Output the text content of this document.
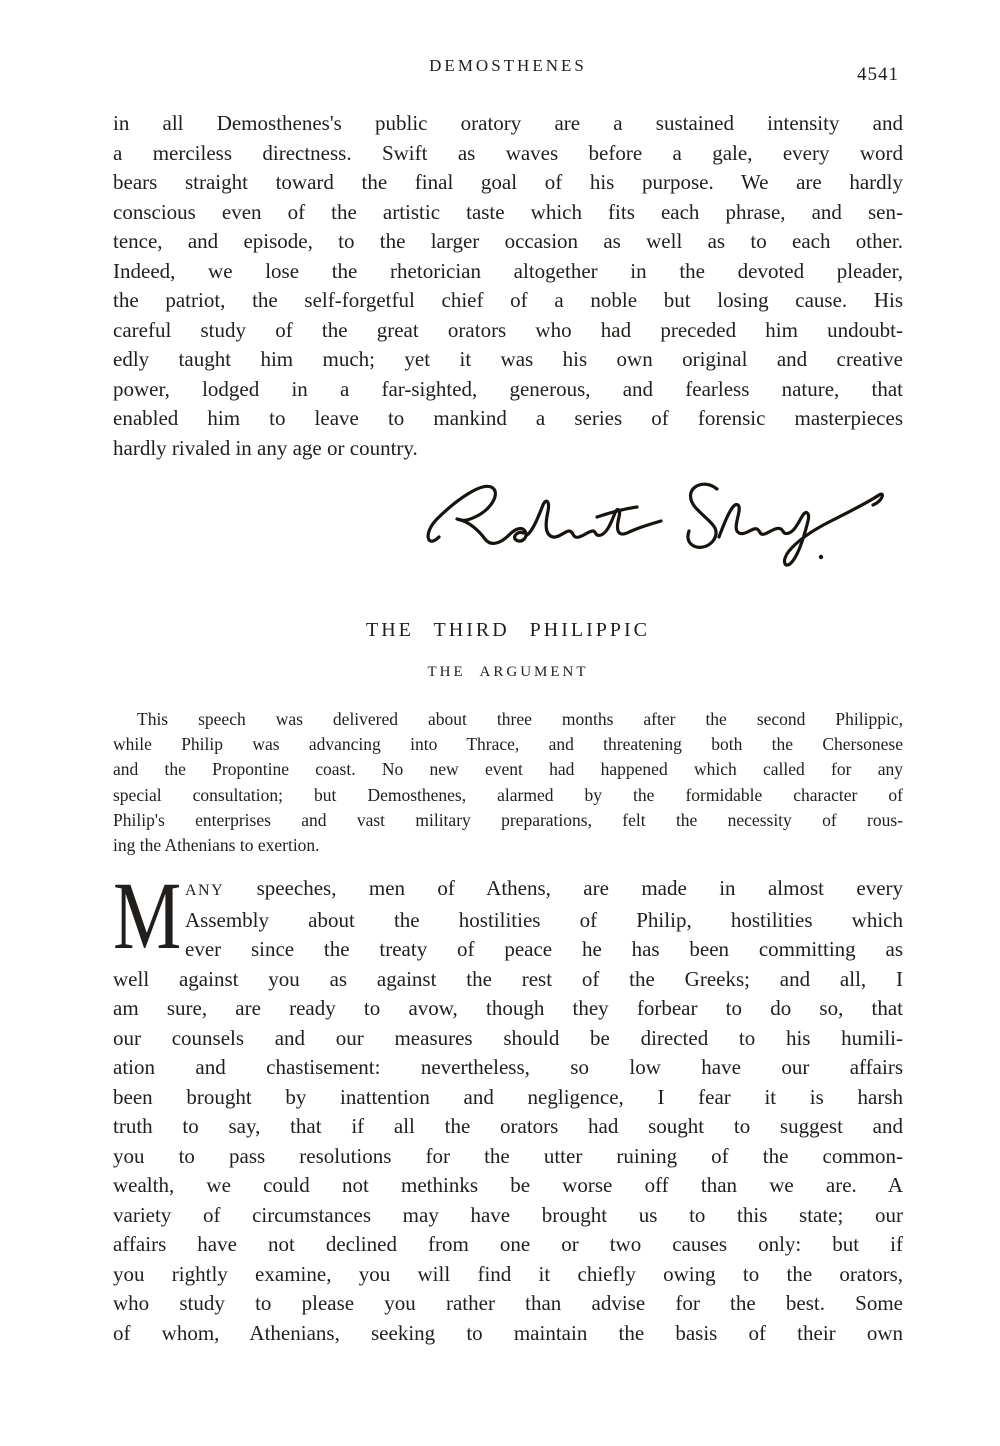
DEMOSTHENES	4541
in all Demosthenes's public oratory are a sustained intensity and
a merciless directness. Swift as waves before a gale, every word
bears straight toward the final goal of his purpose. We are hardly
conscious even of the artistic taste which fits each phrase, and sen-
tence, and episode, to the larger occasion as well as to each other.
Indeed, we lose the rhetorician altogether in the devoted pleader,
the patriot, the self-forgetful chief of a noble but losing cause. His
careful study of the great orators who had preceded him undoubt-
edly taught him much; yet it was his own original and creative
power, lodged in a far-sighted, generous, and fearless nature, that
enabled him to leave to mankind a series of forensic masterpieces
hardly rivaled in any age or country.
THE THIRD PHILIPPIC
THE ARGUMENT
This speech was delivered about three months after the second Philippic,
while Philip was advancing into Thrace, and threatening both the Chersonese
and the Propontine coast. No new event had happened which called for any
special consultation; but Demosthenes, alarmed by the formidable character of
Philip's enterprises and vast military preparations, felt the necessity of rous-
ing the Athenians to exertion.
M ANY speeches, men of Athens, are made in almost every
Assembly about the hostilities of Philip, hostilities which
ever since the treaty of peace he has been committing as
well against you as against the rest of the Greeks; and all, I
am sure, are ready to avow, though they forbear to do so, that
our counsels and our measures should be directed to his humili-
ation and chastisement: nevertheless, so low have our affairs
been brought by inattention and negligence, I fear it is harsh
truth to say, that if all the orators had sought to suggest and
you to pass resolutions for the utter ruining of the common-
wealth, we could not methinks be worse off than we are. A
variety of circumstances may have brought us to this state; our
affairs have not declined from one or two causes only: but if
you rightly examine, you will find it chiefly owing to the orators,
who study to please you rather than advise for the best. Some
of whom, Athenians, seeking to maintain the basis of their own
